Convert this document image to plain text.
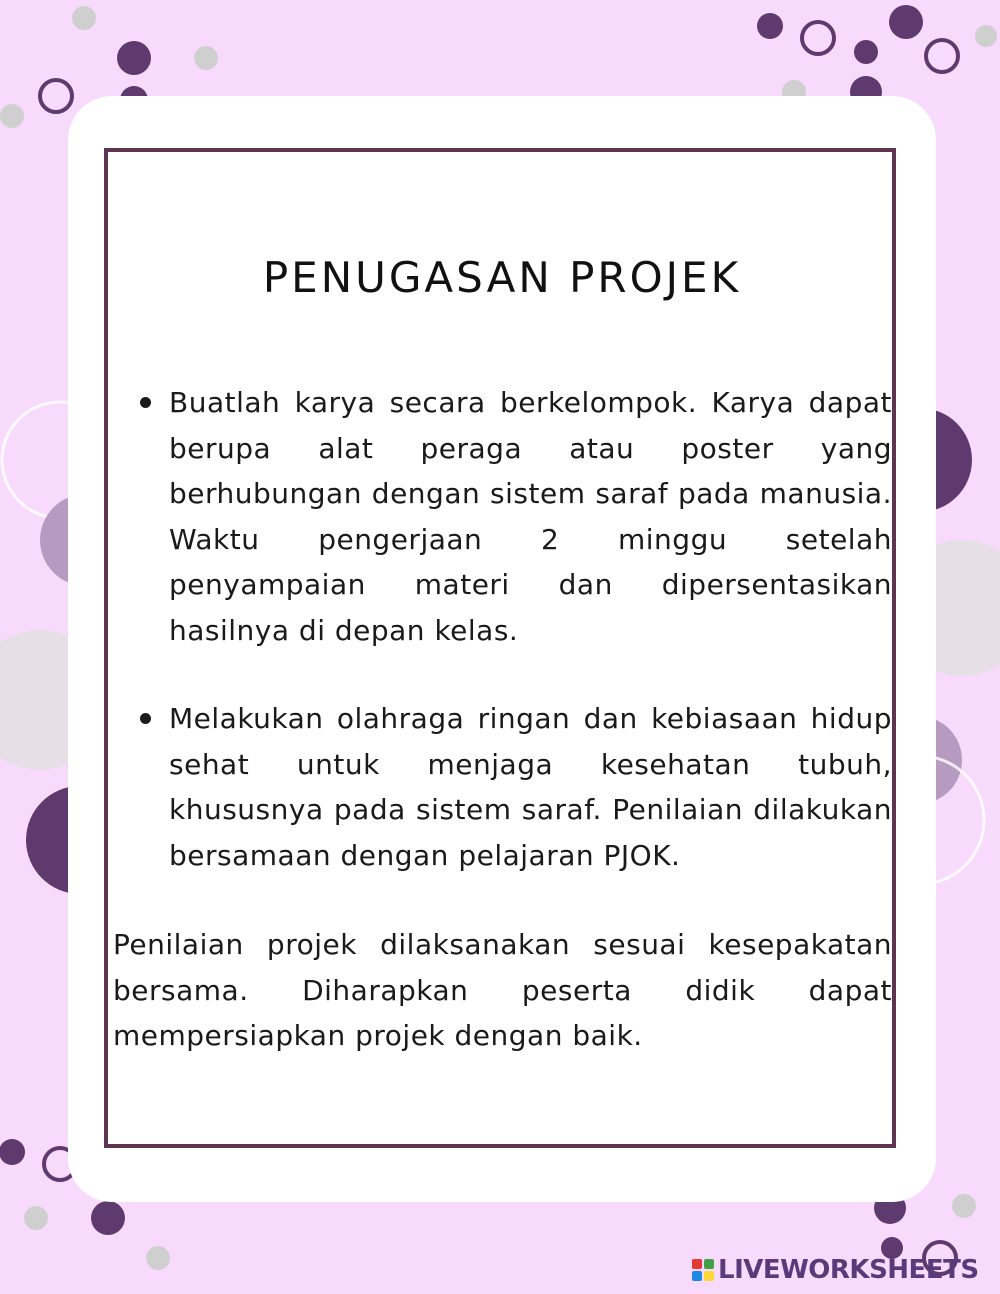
PENUGASAN PROJEK
Buatlah karya secara berkelompok. Karya dapat berupa alat peraga atau poster yang berhubungan dengan sistem saraf pada manusia. Waktu pengerjaan 2 minggu setelah penyampaian materi dan dipersentasikan hasilnya di depan kelas.
Melakukan olahraga ringan dan kebiasaan hidup sehat untuk menjaga kesehatan tubuh, khususnya pada sistem saraf. Penilaian dilakukan bersamaan dengan pelajaran PJOK.

Penilaian projek dilaksanakan sesuai kesepakatan bersama. Diharapkan peserta didik dapat mempersiapkan projek dengan baik.

LIVEWORKSHEETS
